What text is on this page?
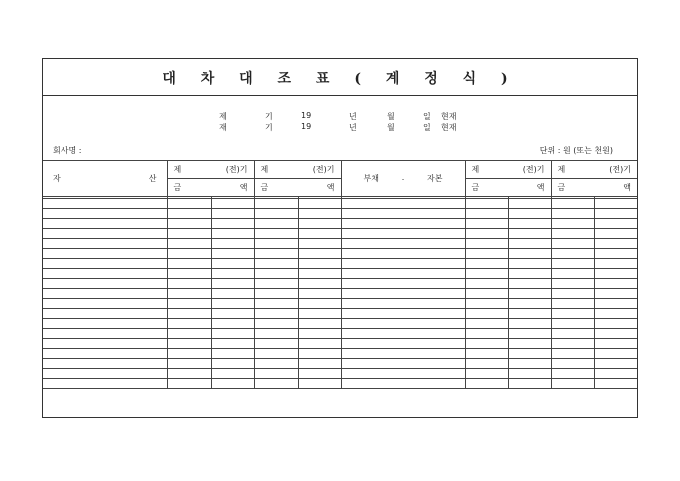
대 차 대 조 표 ( 계 정 식 )
제	기	19	년	월	일 현재
재	기	19	년	월	일 현재
회사명 :	단위 : 원 (또는 천원)
자 산	제 (전)기		제 (전)기		부채 . 자본	제 (전)기		제 (전)기	

	금 액		금 액			금 액		금 액	
